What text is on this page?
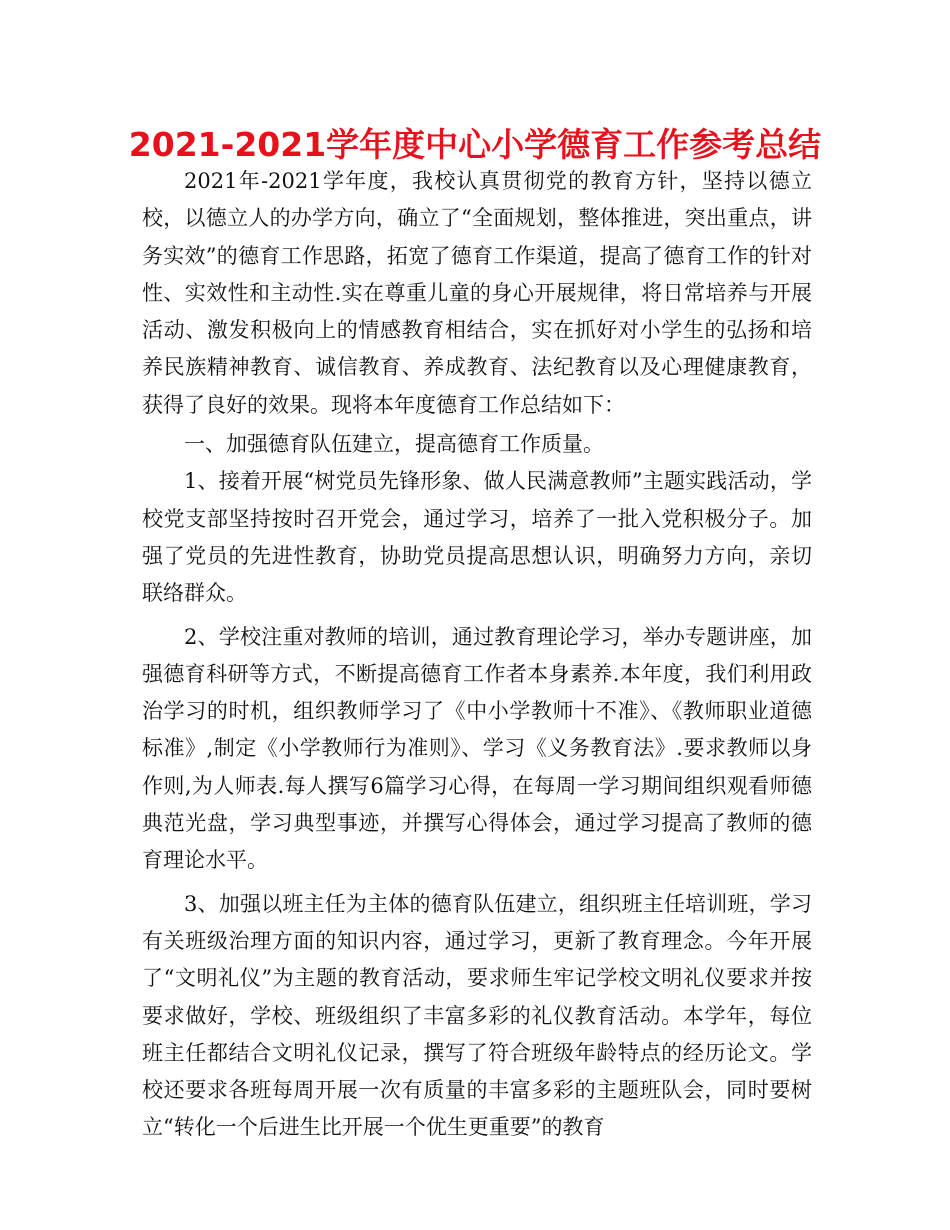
2021-2021学年度中心小学德育工作参考总结

2021年-2021学年度，我校认真贯彻党的教育方针，坚持以德立校，以德立人的办学方向，确立了“全面规划，整体推进，突出重点，讲务实效”的德育工作思路，拓宽了德育工作渠道，提高了德育工作的针对性、实效性和主动性.实在尊重儿童的身心开展规律，将日常培养与开展活动、激发积极向上的情感教育相结合，实在抓好对小学生的弘扬和培养民族精神教育、诚信教育、养成教育、法纪教育以及心理健康教育，获得了良好的效果。现将本年度德育工作总结如下：

一、加强德育队伍建立，提高德育工作质量。

1、接着开展“树党员先锋形象、做人民满意教师”主题实践活动，学校党支部坚持按时召开党会，通过学习，培养了一批入党积极分子。加强了党员的先进性教育，协助党员提高思想认识，明确努力方向，亲切联络群众。

2、学校注重对教师的培训，通过教育理论学习，举办专题讲座，加强德育科研等方式，不断提高德育工作者本身素养.本年度，我们利用政治学习的时机，组织教师学习了《中小学教师十不准》、《教师职业道德标准》,制定《小学教师行为准则》、学习《义务教育法》.要求教师以身作则,为人师表.每人撰写6篇学习心得，在每周一学习期间组织观看师德典范光盘，学习典型事迹，并撰写心得体会，通过学习提高了教师的德育理论水平。

3、加强以班主任为主体的德育队伍建立，组织班主任培训班，学习有关班级治理方面的知识内容，通过学习，更新了教育理念。今年开展了“文明礼仪”为主题的教育活动，要求师生牢记学校文明礼仪要求并按要求做好，学校、班级组织了丰富多彩的礼仪教育活动。本学年，每位班主任都结合文明礼仪记录，撰写了符合班级年龄特点的经历论文。学校还要求各班每周开展一次有质量的丰富多彩的主题班队会，同时要树立“转化一个后进生比开展一个优生更重要”的教育
